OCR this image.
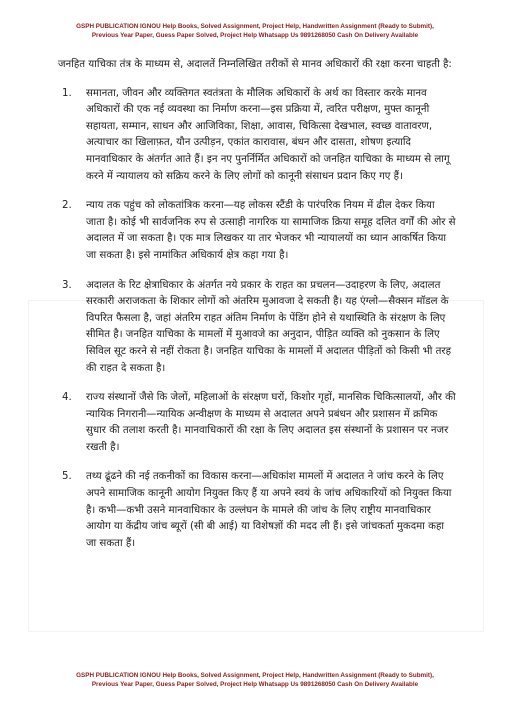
GSPH PUBLICATION IGNOU Help Books, Solved Assignment, Project Help, Handwritten Assignment (Ready to Submit),
Previous Year Paper, Guess Paper Solved, Project Help Whatsapp Us 9891268050 Cash On Delivery Available

जनहित याचिका तंत्र के माध्यम से, अदालतें निम्नलिखित तरीकों से मानव अधिकारों की रक्षा करना चाहती है:

1. समानता, जीवन और व्यक्तिगत स्वतंत्रता के मौलिक अधिकारों के अर्थ का विस्तार करके मानव अधिकारों की एक नई व्यवस्था का निर्माण करना—इस प्रक्रिया में, त्वरित परीक्षण, मुफ्त कानूनी सहायता, सम्मान, साधन और आजिविका, शिक्षा, आवास, चिकित्सा देखभाल, स्वच्छ वातावरण, अत्याचार का खिलाफ़त, यौन उत्पीड़न, एकांत कारावास, बंधन और दासता, शोषण इत्यादि मानवाधिकार के अंतर्गत आते हैं। इन नए पुनर्निर्मित अधिकारों को जनहित याचिका के माध्यम से लागू करने में न्यायालय को सक्रिय करने के लिए लोगों को कानूनी संसाधन प्रदान किए गए हैं।
2. न्याय तक पहुंच को लोकतांत्रिक करना—यह लोकस स्टैंडी के पारंपरिक नियम में ढील देकर किया जाता है। कोई भी सार्वजनिक रुप से उत्साही नागरिक या सामाजिक क्रिया समूह दलित वर्गों की ओर से अदालत में जा सकता है। एक मात्र लिखकर या तार भेजकर भी न्यायालयों का ध्यान आकर्षित किया जा सकता है। इसे नामांकित अधिकार्य क्षेत्र कहा गया है।
3. अदालत के रिट क्षेत्राधिकार के अंतर्गत नये प्रकार के राहत का प्रचलन—उदाहरण के लिए, अदालत सरकारी अराजकता के शिकार लोगों को अंतरिम मुआवजा दे सकती है। यह एंग्लो—सैक्सन मॉडल के विपरित फैसला है, जहां अंतरिम राहत अंतिम निर्माण के पेंडिंग होने से यथास्थिति के संरक्षण के लिए सीमित है। जनहित याचिका के मामलों में मुआवजे का अनुदान, पीड़ित व्यक्ति को नुकसान के लिए सिविल सूट करने से नहीं रोकता है। जनहित याचिका के मामलों में अदालत पीड़ितों को किसी भी तरह की राहत दे सकता है।
4. राज्य संस्थानों जैसे कि जेलों, महिलाओं के संरक्षण घरों, किशोर गृहों, मानसिक चिकित्सालयों, और की न्यायिक निगरानी—न्यायिक अन्वीक्षण के माध्यम से अदालत अपने प्रबंधन और प्रशासन में क्रमिक सुधार की तलाश करती है। मानवाधिकारों की रक्षा के लिए अदालत इस संस्थानों के प्रशासन पर नजर रखती है।
5. तथ्य ढूंढने की नई तकनीकों का विकास करना—अधिकांश मामलों में अदालत ने जांच करने के लिए अपने सामाजिक कानूनी आयोग नियुक्त किए हैं या अपने स्वयं के जांच अधिकारियों को नियुक्त किया है। कभी—कभी उसने मानवाधिकार के उल्लंघन के मामले की जांच के लिए राष्ट्रीय मानवाधिकार आयोग या केंद्रीय जांच ब्यूरों (सी बी आई) या विशेषज्ञों की मदद ली हैं। इसे जांचकर्ता मुकदमा कहा जा सकता हैं।
GSPH PUBLICATION IGNOU Help Books, Solved Assignment, Project Help, Handwritten Assignment (Ready to Submit),
Previous Year Paper, Guess Paper Solved, Project Help Whatsapp Us 9891268050 Cash On Delivery Available
